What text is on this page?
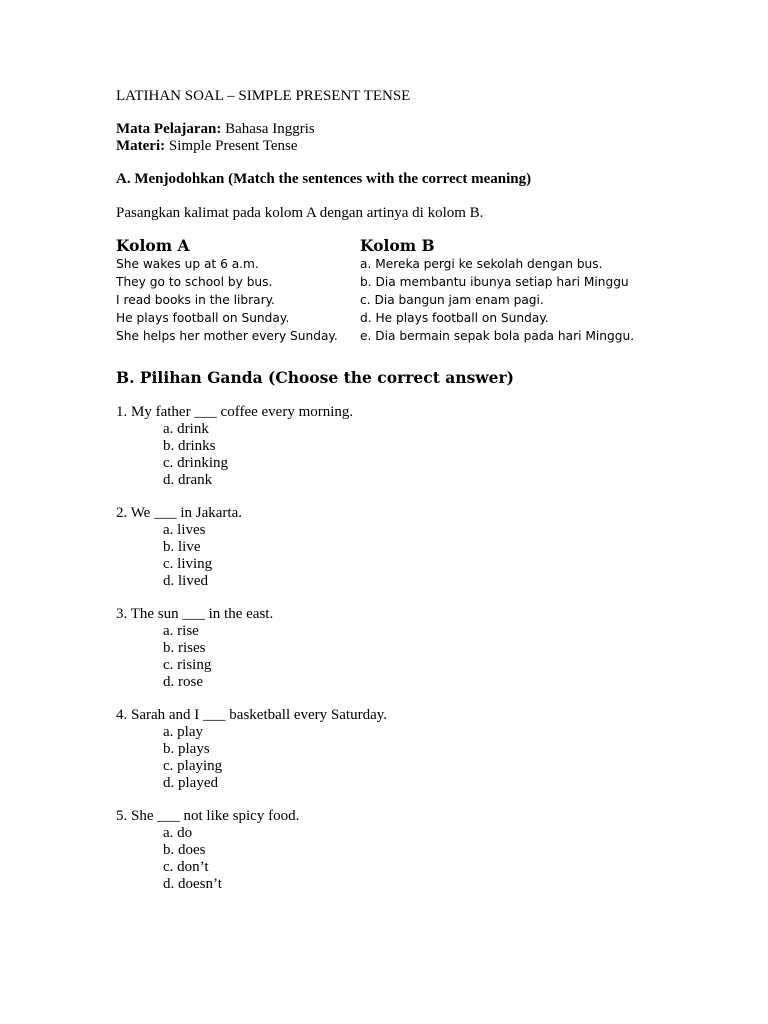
LATIHAN SOAL – SIMPLE PRESENT TENSE

Mata Pelajaran: Bahasa Inggris
Materi: Simple Present Tense
A. Menjodohkan (Match the sentences with the correct meaning)
Pasangkan kalimat pada kolom A dengan artinya di kolom B.
Kolom A
She wakes up at 6 a.m.
They go to school by bus.
I read books in the library.
He plays football on Sunday.
She helps her mother every Sunday.
Kolom B
a. Mereka pergi ke sekolah dengan bus.
b. Dia membantu ibunya setiap hari Minggu
c. Dia bangun jam enam pagi.
d. He plays football on Sunday.
e. Dia bermain sepak bola pada hari Minggu.
B. Pilihan Ganda (Choose the correct answer)
1. My father ___ coffee every morning.
a. drink
b. drinks
c. drinking
d. drank
2. We ___ in Jakarta.
a. lives
b. live
c. living
d. lived
3. The sun ___ in the east.
a. rise
b. rises
c. rising
d. rose
4. Sarah and I ___ basketball every Saturday.
a. play
b. plays
c. playing
d. played
5. She ___ not like spicy food.
a. do
b. does
c. don’t
d. doesn’t
